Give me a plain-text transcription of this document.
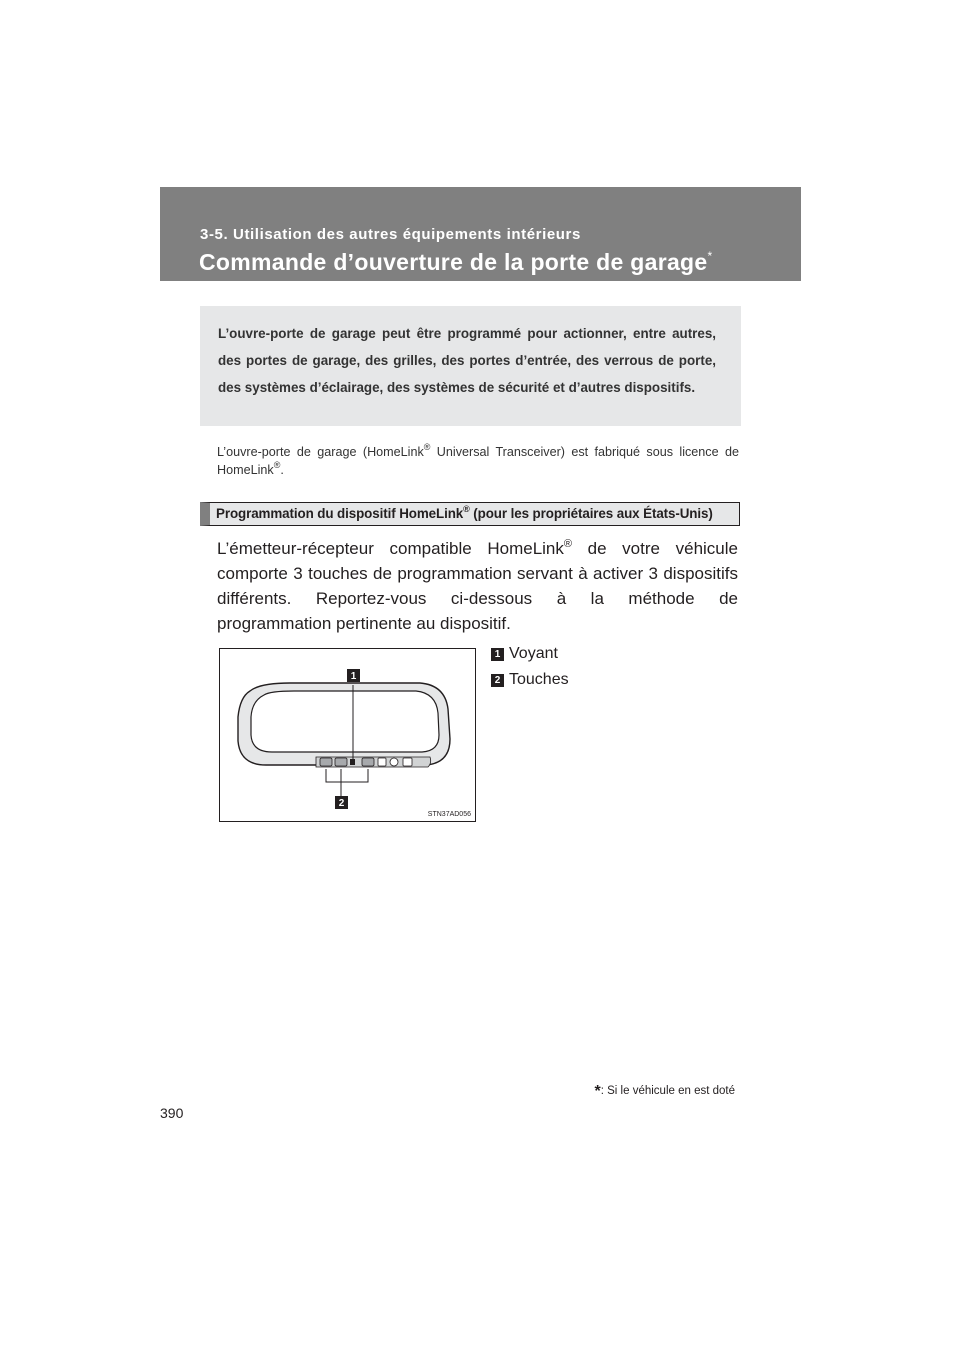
3-5. Utilisation des autres équipements intérieurs
Commande d’ouverture de la porte de garage*
L’ouvre-porte de garage peut être programmé pour actionner, entre autres, des portes de garage, des grilles, des portes d’entrée, des verrous de porte, des systèmes d’éclairage, des systèmes de sécurité et d’autres dispositifs.
L’ouvre-porte de garage (HomeLink® Universal Transceiver) est fabriqué sous licence de HomeLink®.
Programmation du dispositif HomeLink® (pour les propriétaires aux États-Unis)
L’émetteur-récepteur compatible HomeLink® de votre véhicule comporte 3 touches de programmation servant à activer 3 dispositifs différents. Reportez-vous ci-dessous à la méthode de programmation pertinente au dispositif.
1
2
STN37AD056
1 Voyant
2 Touches
*: Si le véhicule en est doté
390
